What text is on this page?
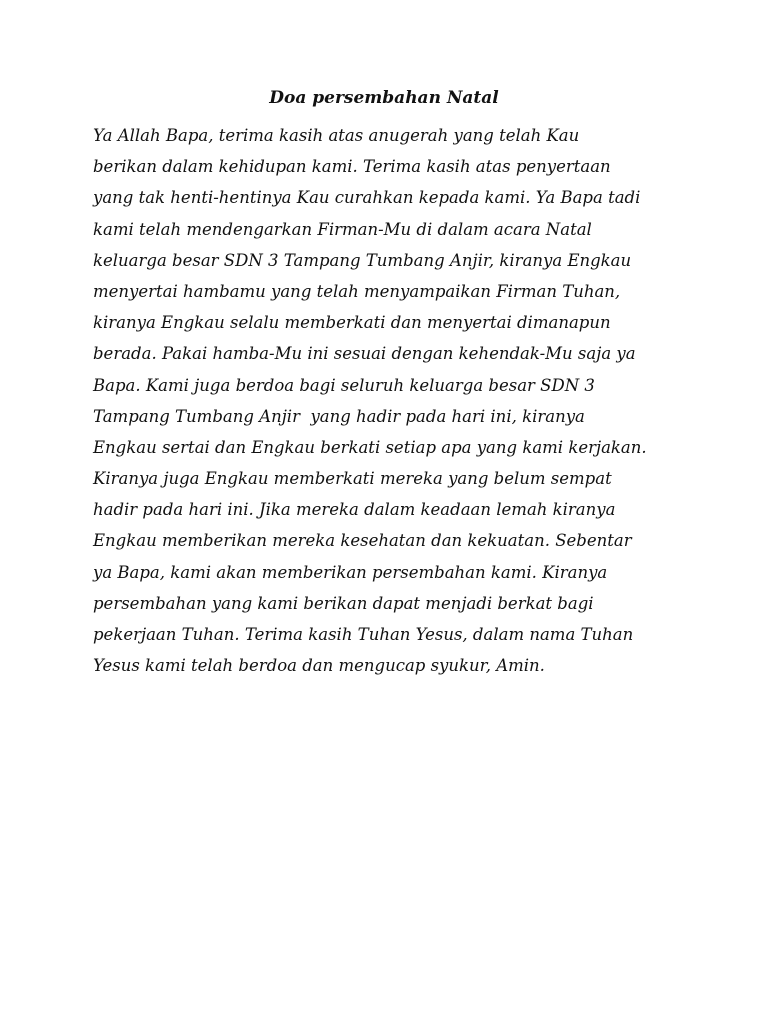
Doa persembahan Natal
Ya Allah Bapa, terima kasih atas anugerah yang telah Kau
berikan dalam kehidupan kami. Terima kasih atas penyertaan
yang tak henti-hentinya Kau curahkan kepada kami. Ya Bapa tadi
kami telah mendengarkan Firman-Mu di dalam acara Natal
keluarga besar SDN 3 Tampang Tumbang Anjir, kiranya Engkau
menyertai hambamu yang telah menyampaikan Firman Tuhan,
kiranya Engkau selalu memberkati dan menyertai dimanapun
berada. Pakai hamba-Mu ini sesuai dengan kehendak-Mu saja ya
Bapa. Kami juga berdoa bagi seluruh keluarga besar SDN 3
Tampang Tumbang Anjir  yang hadir pada hari ini, kiranya
Engkau sertai dan Engkau berkati setiap apa yang kami kerjakan.
Kiranya juga Engkau memberkati mereka yang belum sempat
hadir pada hari ini. Jika mereka dalam keadaan lemah kiranya
Engkau memberikan mereka kesehatan dan kekuatan. Sebentar
ya Bapa, kami akan memberikan persembahan kami. Kiranya
persembahan yang kami berikan dapat menjadi berkat bagi
pekerjaan Tuhan. Terima kasih Tuhan Yesus, dalam nama Tuhan
Yesus kami telah berdoa dan mengucap syukur, Amin.
